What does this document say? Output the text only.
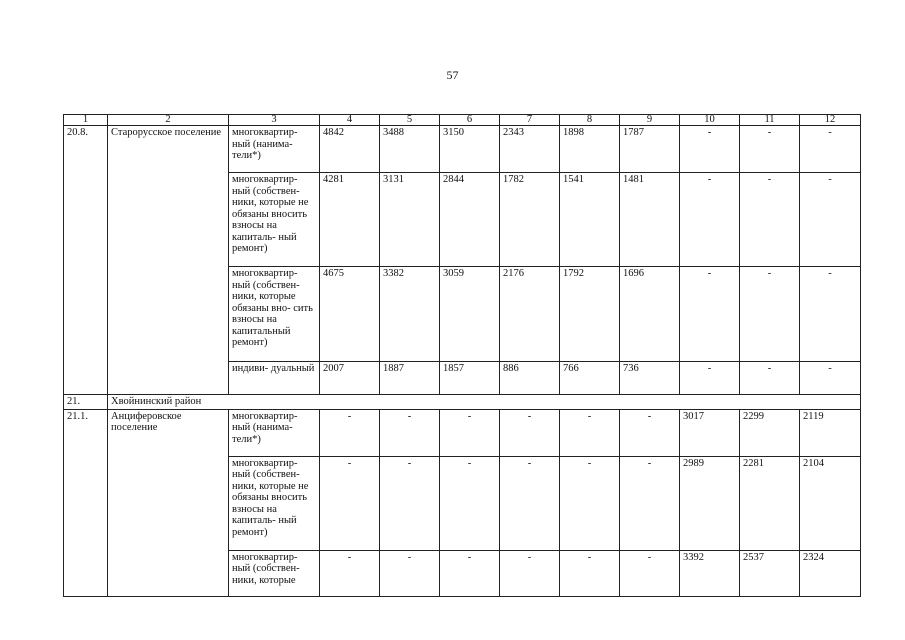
57
1	2	3	4	5	6	7	8	9	10	11	12
20.8.	Старорусское поселение	многоквартир- ный (нанима- тели*)	4842	3488	3150	2343	1898	1787	-	-	-
		многоквартир- ный (собствен- ники, которые не обязаны вносить взносы на капиталь- ный ремонт)	4281	3131	2844	1782	1541	1481	-	-	-
		многоквартир- ный (собствен- ники, которые обязаны вно- сить взносы на капитальный ремонт)	4675	3382	3059	2176	1792	1696	-	-	-
		индиви- дуальный	2007	1887	1857	886	766	736	-	-	-
21.	Хвойнинский район										
21.1.	Анциферовское поселение	многоквартир- ный (нанима- тели*)	-	-	-	-	-	-	3017	2299	2119
		многоквартир- ный (собствен- ники, которые не обязаны вносить взносы на капиталь- ный ремонт)	-	-	-	-	-	-	2989	2281	2104
		многоквартир- ный (собствен- ники, которые	-	-	-	-	-	-	3392	2537	2324
